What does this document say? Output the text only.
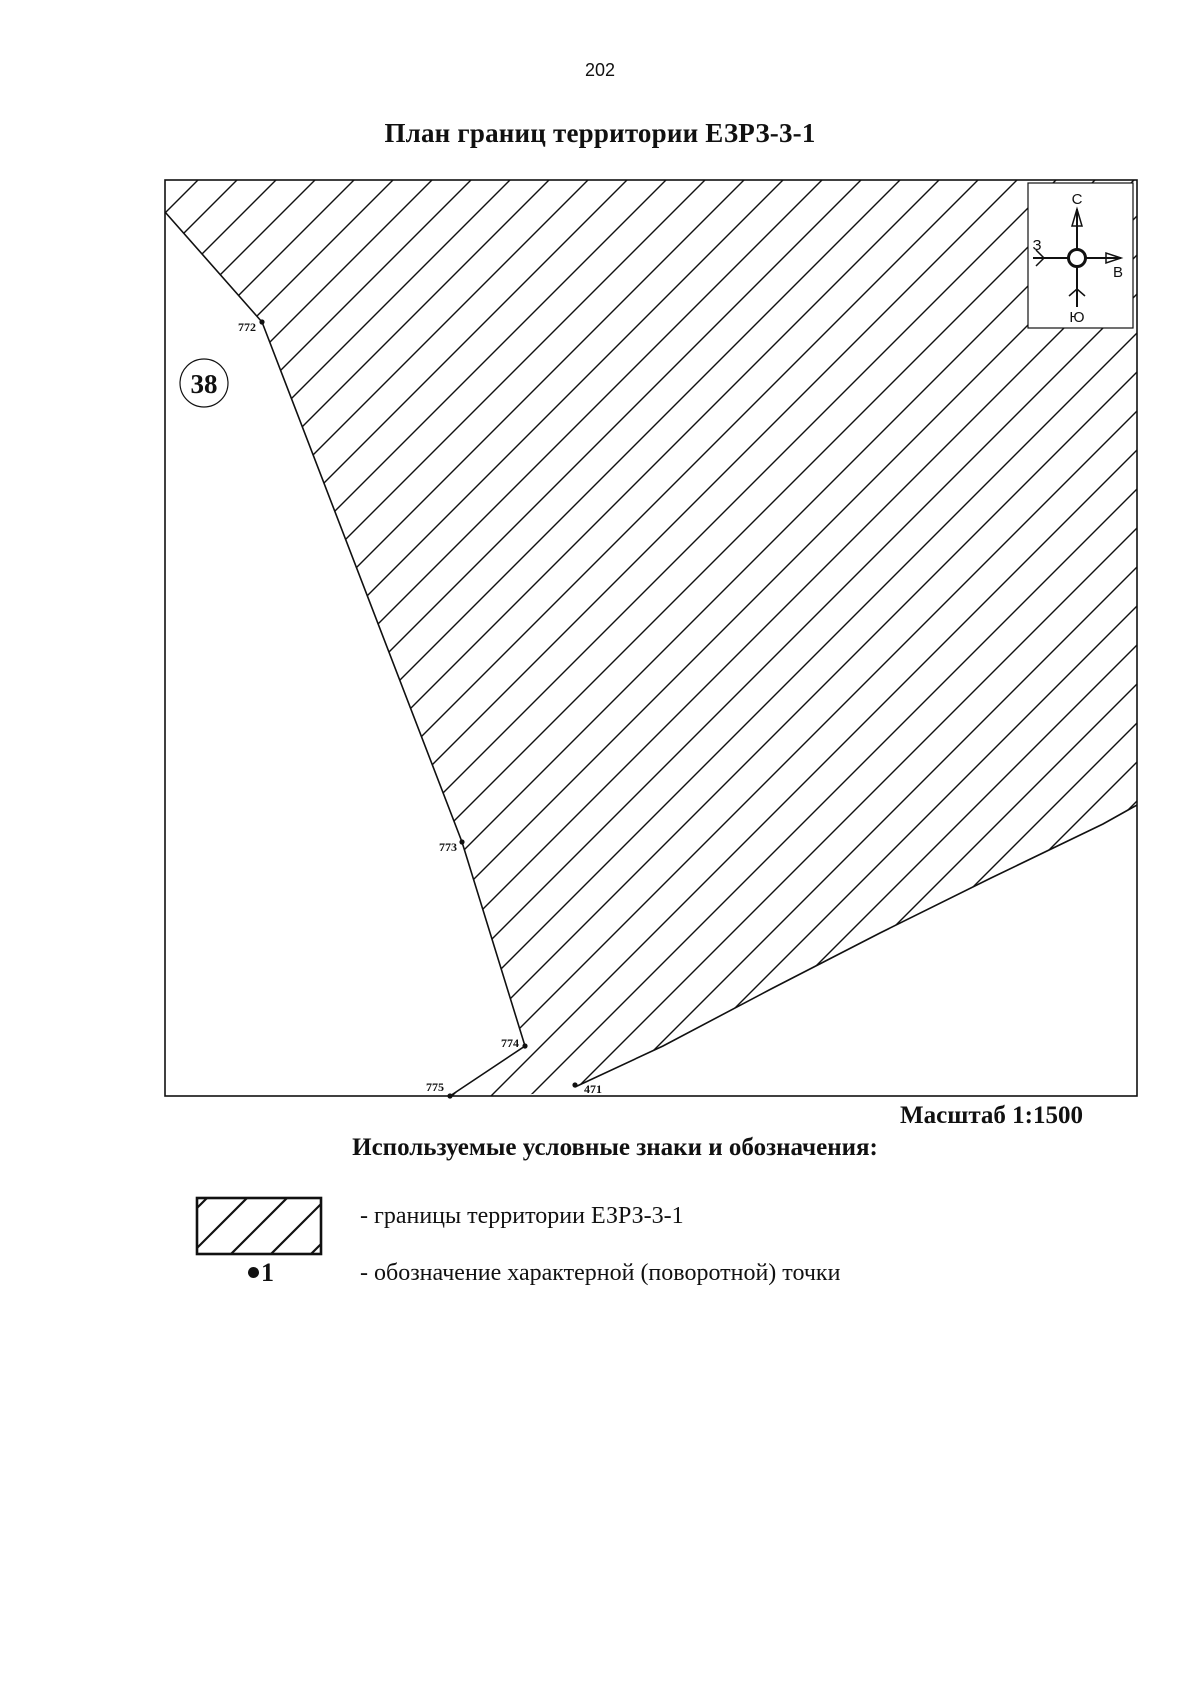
202
План границ территории ЕЗРЗ-3-1
38
772
773
774
775	471
С
Ю
В
З
Масштаб 1:1500
Используемые условные знаки и обозначения:
1
- границы территории ЕЗРЗ-3-1
- обозначение характерной (поворотной) точки
